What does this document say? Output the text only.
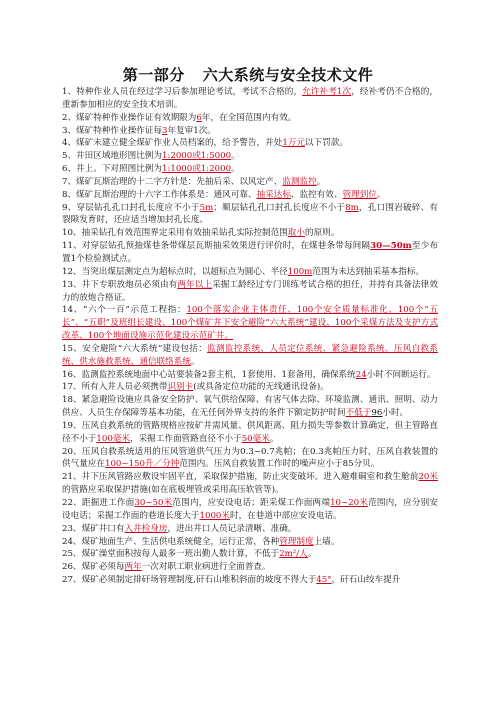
第一部分 六大系统与安全技术文件

1、特种作业人员在经过学习后参加理论考试，考试不合格的，允许补考1次，经补考仍不合格的，重新参加相应的安全技术培训。

2、煤矿特种作业操作证有效期限为6年，在全国范围内有效。

3、煤矿特种作业操作证每3年复审1次。

4、煤矿未建立健全煤矿作业人员档案的，给予警告，并处1万元以下罚款。

5、井田区域地形图比例为1:2000或1:5000。

6、井上、下对照图比例为1:1000或1:2000。

7、煤矿瓦斯治理的十二字方针是：先抽后采、以风定产、监测监控。

8、煤矿瓦斯治理的十六字工作体系是：通风可靠、抽采达标、监控有效、管理到位。

9、穿层钻孔孔口封孔长度应不小于5m；顺层钻孔孔口封孔长度应不小于8m，孔口围岩破碎、有裂隙发育时，还应适当增加封孔长度。

10、抽采钻孔有效范围界定采用有效抽采钻孔实际控制范围取小的原则。

11、对穿层钻孔预抽煤巷条带煤层瓦斯抽采效果进行评价时，在煤巷条带每间隔30—50m至少布置1个检验测试点。

12、当突出煤层测定点为超标点时，以超标点为圆心、半径100m范围为未达到抽采基本指标。

13、井下专职放炮员必须由有两年以上采掘工龄经过专门训练考试合格的担任，并持有具备法律效力的放炮合格证。

14、“六个一百”示范工程指：100个落实企业主体责任、100个安全质量标准化、100个“五长”、“五职”及班组长建设、100个煤矿井下安全避险“六大系统”建设、100个采煤方法及支护方式改革、100个地面设施示范化建设示范矿井。

15、安全避险“六大系统”建设包括：监测监控系统、人员定位系统、紧急避险系统、压风自救系统、供水施救系统、通信联络系统。

16、监测监控系统地面中心站要装备2套主机，1套使用、1套备用，确保系统24小时不间断运行。

17、所有入井人员必须携带识别卡(或具备定位功能的无线通讯设备)。

18、紧急避险设施应具备安全防护、氧气供给保障、有害气体去除、环境监测、通讯、照明、动力供应、人员生存保障等基本功能，在无任何外界支持的条件下额定防护时间不低于96小时。

19、压风自救系统的管路规格应按矿井需风量、供风距离、阻力损失等参数计算确定，但主管路直径不小于100毫米，采掘工作面管路直径不小于50毫米。

20、压风自救系统适用的压风管道供气压力为0.3~0.7兆帕；在0.3兆帕压力时，压风自救装置的供气量应在100~150升／分钟范围内。压风自救装置工作时的噪声应小于85分贝。

21、井下压风管路应敷设牢固平直，采取保护措施，防止灾变破坏。进入避难硐室和救生舱前20米的管路应采取保护措施(如在底板埋管或采用高压软管等)。

22、距掘进工作面30~50米范围内，应安设电话；距采煤工作面两端10~20米范围内，应分别安设电话；采掘工作面的巷道长度大于1000米时，在巷道中部应安设电话。

23、煤矿井口有入井检身房，进出井口人员记录清晰、准确。

24、煤矿地面生产、生活供电系统健全，运行正常，各种管理制度上墙。

25、煤矿澡堂面积按每人最多一班出勤人数计算，不低于2m²/人。

26、煤矿必须每两年一次对职工职业病进行全面普查。

27、煤矿必须制定排矸场管理制度,矸石山堆积斜面的坡度不得大于45°，矸石山绞车提升
